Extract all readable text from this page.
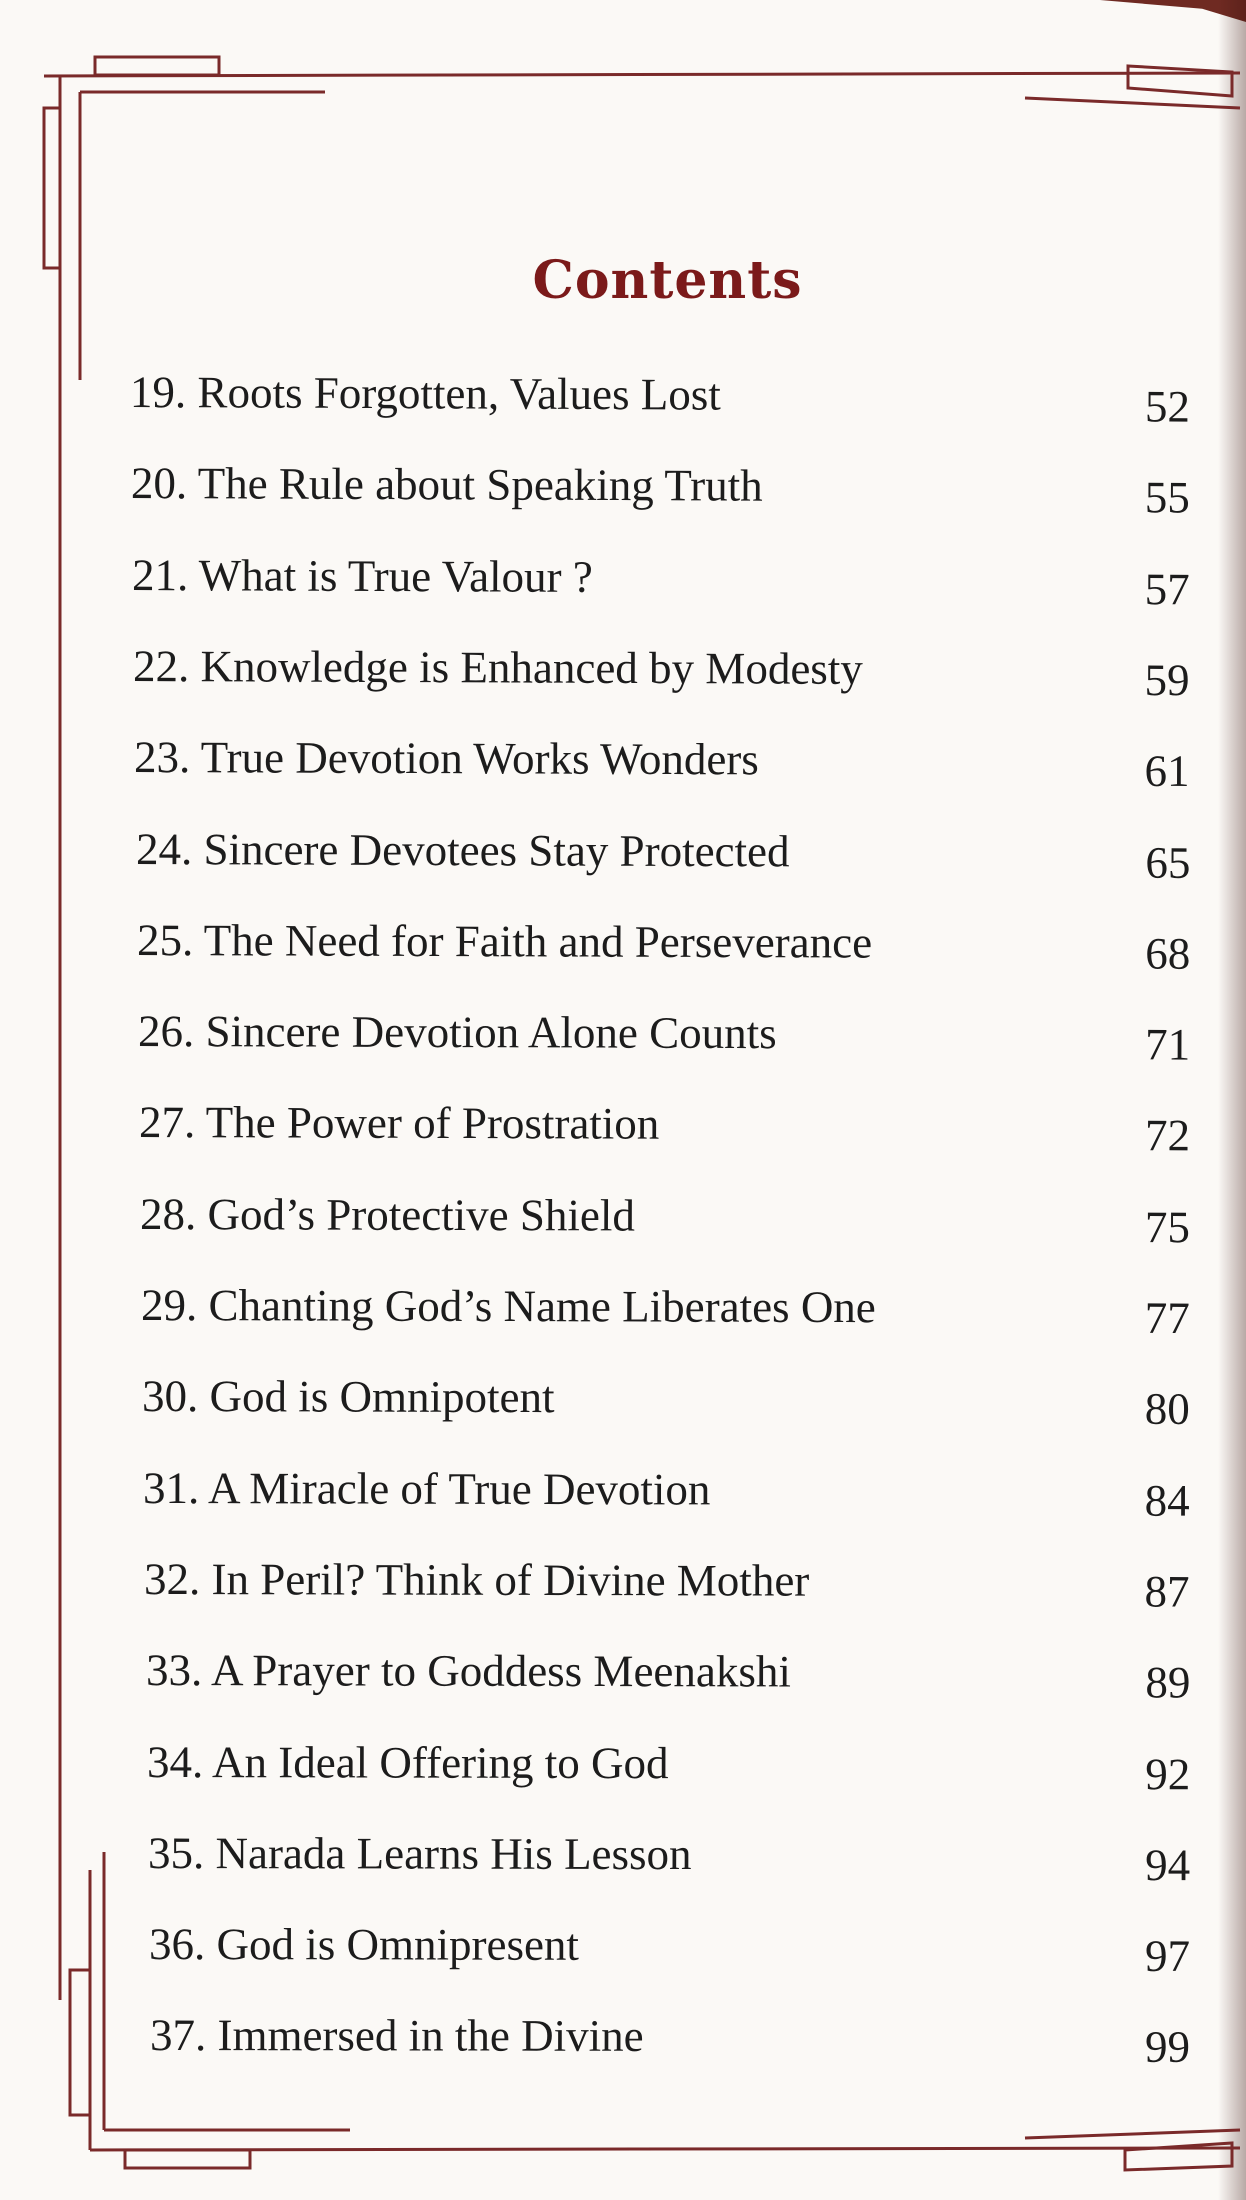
Contents
19. Roots Forgotten, Values Lost	52
20. The Rule about Speaking Truth	55
21. What is True Valour ?	57
22. Knowledge is Enhanced by Modesty	59
23. True Devotion Works Wonders	61
24. Sincere Devotees Stay Protected	65
25. The Need for Faith and Perseverance	68
26. Sincere Devotion Alone Counts	71
27. The Power of Prostration	72
28. God’s Protective Shield	75
29. Chanting God’s Name Liberates One	77
30. God is Omnipotent	80
31. A Miracle of True Devotion	84
32. In Peril? Think of Divine Mother	87
33. A Prayer to Goddess Meenakshi	89
34. An Ideal Offering to God	92
35. Narada Learns His Lesson	94
36. God is Omnipresent	97
37. Immersed in the Divine	99
